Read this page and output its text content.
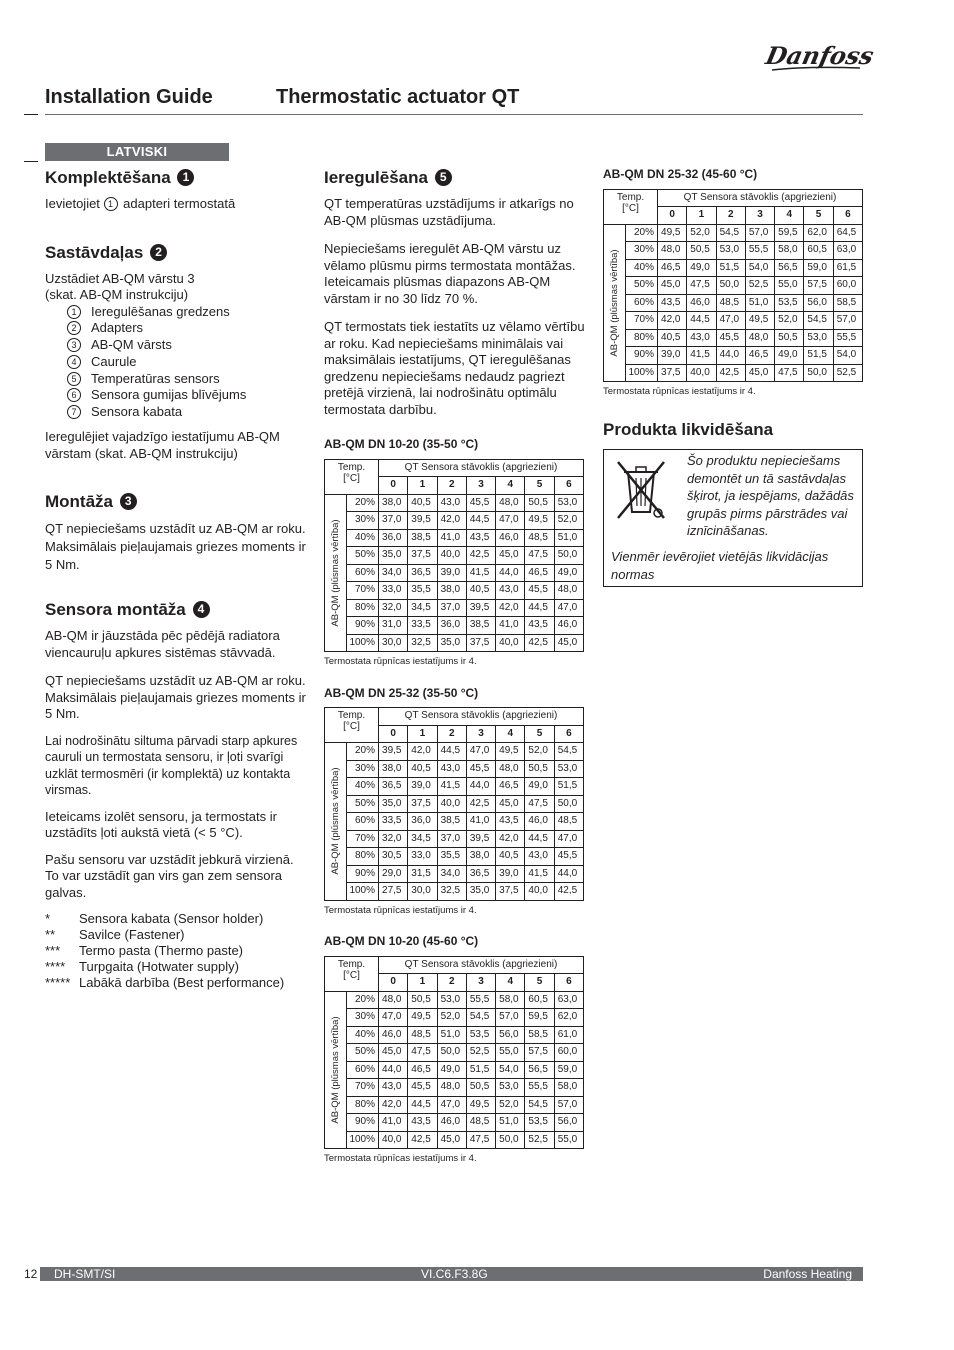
Danfoss
Installation Guide	Thermostatic actuator QT
LATVISKI
Komplektēšana 1

Ievietojiet 1 adapteri termostatā

Sastāvdaļas 2

Uzstādiet AB-QM vārstu 3

(skat. AB-QM instrukciju)

1 Ieregulēšanas gredzens
2 Adapters
3 AB-QM vārsts
4 Caurule
5 Temperatūras sensors
6 Sensora gumijas blīvējums
7 Sensora kabata

Ieregulējiet vajadzīgo iestatījumu AB-QM vārstam (skat. AB-QM instrukciju)

Montāža 3

QT nepieciešams uzstādīt uz AB-QM ar roku. Maksimālais pieļaujamais griezes moments ir 5 Nm.

Sensora montāža 4

AB-QM ir jāuzstāda pēc pēdējā radiatora viencauruļu apkures sistēmas stāvvadā.

QT nepieciešams uzstādīt uz AB-QM ar roku. Maksimālais pieļaujamais griezes moments ir 5 Nm.

Lai nodrošinātu siltuma pārvadi starp apkures cauruli un termostata sensoru, ir ļoti svarīgi uzklāt termosmēri (ir komplektā) uz kontakta virsmas.

Ieteicams izolēt sensoru, ja termostats ir uzstādīts ļoti aukstā vietā (< 5 °C).

Pašu sensoru var uzstādīt jebkurā virzienā. To var uzstādīt gan virs gan zem sensora galvas.

*	Sensora kabata (Sensor holder)
**	Savilce (Fastener)
***	Termo pasta (Thermo paste)
****	Turpgaita (Hotwater supply)
***** Labākā darbība (Best performance)
Ieregulēšana 5

QT temperatūras uzstādījums ir atkarīgs no AB-QM plūsmas uzstādījuma.

Nepieciešams ieregulēt AB-QM vārstu uz vēlamo plūsmu pirms termostata montāžas. Ieteicamais plūsmas diapazons AB-QM vārstam ir no 30 līdz 70 %.

QT termostats tiek iestatīts uz vēlamo vērtību ar roku. Kad nepieciešams minimālais vai maksimālais iestatījums, QT ieregulēšanas gredzenu nepieciešams nedaudz pagriezt pretējā virzienā, lai nodrošinātu optimālu termostata darbību.

AB-QM DN 10-20 (35-50 °C)
Temp.
[°C]		QT Sensora stāvoklis (apgriezieni)						
		0	1	2	3	4	5	6

AB-QM (plūsmas vērtība)	20%	38,0	40,5	43,0	45,5	48,0	50,5	53,0
	30%	37,0	39,5	42,0	44,5	47,0	49,5	52,0
	40%	36,0	38,5	41,0	43,5	46,0	48,5	51,0
	50%	35,0	37,5	40,0	42,5	45,0	47,5	50,0
	60%	34,0	36,5	39,0	41,5	44,0	46,5	49,0
	70%	33,0	35,5	38,0	40,5	43,0	45,5	48,0
	80%	32,0	34,5	37,0	39,5	42,0	44,5	47,0
	90%	31,0	33,5	36,0	38,5	41,0	43,5	46,0
	100%	30,0	32,5	35,0	37,5	40,0	42,5	45,0
Termostata rūpnīcas iestatījums ir 4.
AB-QM DN 25-32 (35-50 °C)
Temp.
[°C]		QT Sensora stāvoklis (apgriezieni)						
		0	1	2	3	4	5	6

AB-QM (plūsmas vērtība)	20%	39,5	42,0	44,5	47,0	49,5	52,0	54,5
	30%	38,0	40,5	43,0	45,5	48,0	50,5	53,0
	40%	36,5	39,0	41,5	44,0	46,5	49,0	51,5
	50%	35,0	37,5	40,0	42,5	45,0	47,5	50,0
	60%	33,5	36,0	38,5	41,0	43,5	46,0	48,5
	70%	32,0	34,5	37,0	39,5	42,0	44,5	47,0
	80%	30,5	33,0	35,5	38,0	40,5	43,0	45,5
	90%	29,0	31,5	34,0	36,5	39,0	41,5	44,0
	100%	27,5	30,0	32,5	35,0	37,5	40,0	42,5
Termostata rūpnīcas iestatījums ir 4.
AB-QM DN 10-20 (45-60 °C)
Temp.
[°C]		QT Sensora stāvoklis (apgriezieni)						
		0	1	2	3	4	5	6

AB-QM (plūsmas vērtība)	20%	48,0	50,5	53,0	55,5	58,0	60,5	63,0
	30%	47,0	49,5	52,0	54,5	57,0	59,5	62,0
	40%	46,0	48,5	51,0	53,5	56,0	58,5	61,0
	50%	45,0	47,5	50,0	52,5	55,0	57,5	60,0
	60%	44,0	46,5	49,0	51,5	54,0	56,5	59,0
	70%	43,0	45,5	48,0	50,5	53,0	55,5	58,0
	80%	42,0	44,5	47,0	49,5	52,0	54,5	57,0
	90%	41,0	43,5	46,0	48,5	51,0	53,5	56,0
	100%	40,0	42,5	45,0	47,5	50,0	52,5	55,0
Termostata rūpnīcas iestatījums ir 4.
AB-QM DN 25-32 (45-60 °C)
Temp.
[°C]		QT Sensora stāvoklis (apgriezieni)						
		0	1	2	3	4	5	6

AB-QM (plūsmas vērtība)	20%	49,5	52,0	54,5	57,0	59,5	62,0	64,5
	30%	48,0	50,5	53,0	55,5	58,0	60,5	63,0
	40%	46,5	49,0	51,5	54,0	56,5	59,0	61,5
	50%	45,0	47,5	50,0	52,5	55,0	57,5	60,0
	60%	43,5	46,0	48,5	51,0	53,5	56,0	58,5
	70%	42,0	44,5	47,0	49,5	52,0	54,5	57,0
	80%	40,5	43,0	45,5	48,0	50,5	53,0	55,5
	90%	39,0	41,5	44,0	46,5	49,0	51,5	54,0
	100%	37,5	40,0	42,5	45,0	47,5	50,0	52,5
Termostata rūpnīcas iestatījums ir 4.
Produkta likvidēšana
Šo produktu nepieciešams demontēt un tā sastāvdaļas šķirot, ja iespējams, dažādās grupās pirms pārstrādes vai iznīcināšanas.
Vienmēr ievērojiet vietējās likvidācijas normas
12 DH-SMT/SI	VI.C6.F3.8G	Danfoss Heating
